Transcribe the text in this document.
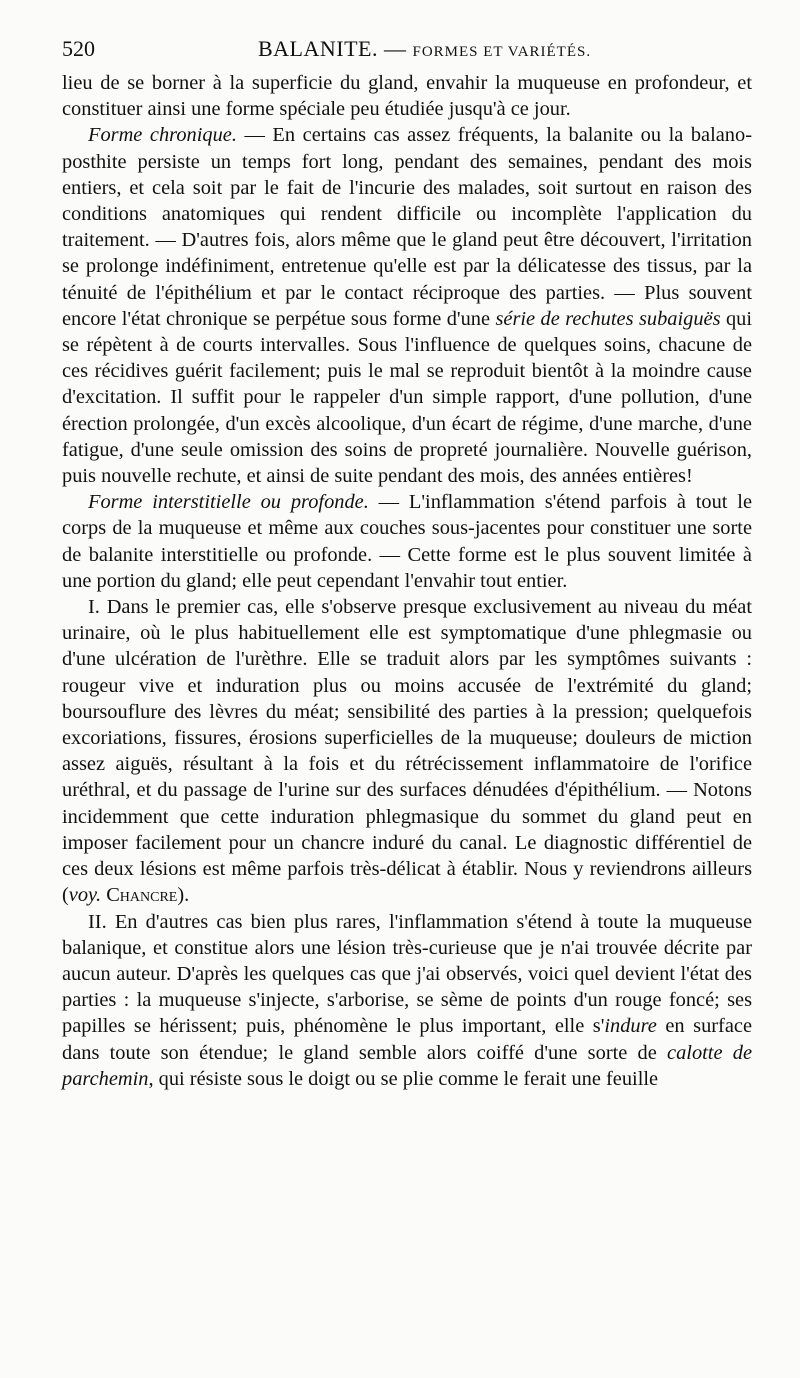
520	BALANITE. — FORMES ET VARIÉTÉS.

lieu de se borner à la superficie du gland, envahir la muqueuse en profondeur, et constituer ainsi une forme spéciale peu étudiée jusqu'à ce jour.

Forme chronique. — En certains cas assez fréquents, la balanite ou la balano-posthite persiste un temps fort long, pendant des semaines, pendant des mois entiers, et cela soit par le fait de l'incurie des malades, soit surtout en raison des conditions anatomiques qui rendent difficile ou incomplète l'application du traitement. — D'autres fois, alors même que le gland peut être découvert, l'irritation se prolonge indéfiniment, entretenue qu'elle est par la délicatesse des tissus, par la ténuité de l'épithélium et par le contact réciproque des parties. — Plus souvent encore l'état chronique se perpétue sous forme d'une série de rechutes subaiguës qui se répètent à de courts intervalles. Sous l'influence de quelques soins, chacune de ces récidives guérit facilement; puis le mal se reproduit bientôt à la moindre cause d'excitation. Il suffit pour le rappeler d'un simple rapport, d'une pollution, d'une érection prolongée, d'un excès alcoolique, d'un écart de régime, d'une marche, d'une fatigue, d'une seule omission des soins de propreté journalière. Nouvelle guérison, puis nouvelle rechute, et ainsi de suite pendant des mois, des années entières!

Forme interstitielle ou profonde. — L'inflammation s'étend parfois à tout le corps de la muqueuse et même aux couches sous-jacentes pour constituer une sorte de balanite interstitielle ou profonde. — Cette forme est le plus souvent limitée à une portion du gland; elle peut cependant l'envahir tout entier.

I. Dans le premier cas, elle s'observe presque exclusivement au niveau du méat urinaire, où le plus habituellement elle est symptomatique d'une phlegmasie ou d'une ulcération de l'urèthre. Elle se traduit alors par les symptômes suivants : rougeur vive et induration plus ou moins accusée de l'extrémité du gland; boursouflure des lèvres du méat; sensibilité des parties à la pression; quelquefois excoriations, fissures, érosions superficielles de la muqueuse; douleurs de miction assez aiguës, résultant à la fois et du rétrécissement inflammatoire de l'orifice uréthral, et du passage de l'urine sur des surfaces dénudées d'épithélium. — Notons incidemment que cette induration phlegmasique du sommet du gland peut en imposer facilement pour un chancre induré du canal. Le diagnostic différentiel de ces deux lésions est même parfois très-délicat à établir. Nous y reviendrons ailleurs (voy. Chancre).

II. En d'autres cas bien plus rares, l'inflammation s'étend à toute la muqueuse balanique, et constitue alors une lésion très-curieuse que je n'ai trouvée décrite par aucun auteur. D'après les quelques cas que j'ai observés, voici quel devient l'état des parties : la muqueuse s'injecte, s'arborise, se sème de points d'un rouge foncé; ses papilles se hérissent; puis, phénomène le plus important, elle s'indure en surface dans toute son étendue; le gland semble alors coiffé d'une sorte de calotte de parchemin, qui résiste sous le doigt ou se plie comme le ferait une feuille
